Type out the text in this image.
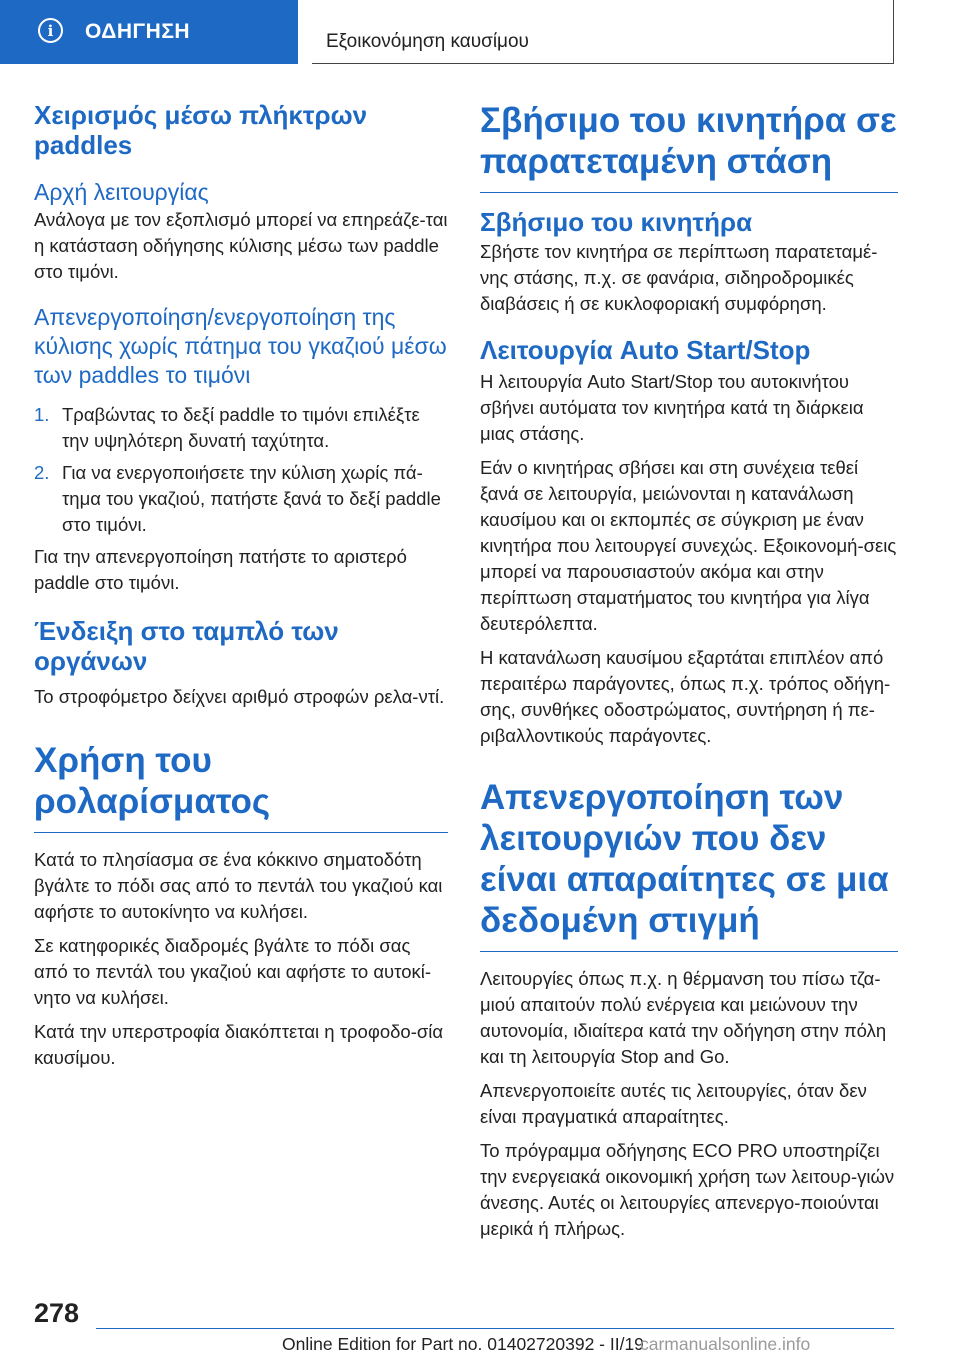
i	ΟΔΗΓΗΣΗ	Εξοικονόμηση καυσίμου
Χειρισμός μέσω πλήκτρων paddles
Αρχή λειτουργίας

Ανάλογα με τον εξοπλισμό μπορεί να επηρεάζε-ται η κατάσταση οδήγησης κύλισης μέσω των paddle στο τιμόνι.

Απενεργοποίηση/ενεργοποίηση της κύλισης χωρίς πάτημα του γκαζιού μέσω των paddles το τιμόνι
1. Τραβώντας το δεξί paddle το τιμόνι επιλέξτε την υψηλότερη δυνατή ταχύτητα.
2. Για να ενεργοποιήσετε την κύλιση χωρίς πά-τημα του γκαζιού, πατήστε ξανά το δεξί paddle στο τιμόνι.

Για την απενεργοποίηση πατήστε το αριστερό paddle στο τιμόνι.

Ένδειξη στο ταμπλό των οργάνων

Το στροφόμετρο δείχνει αριθμό στροφών ρελα-ντί.

Χρήση του ρολαρίσματος

Κατά το πλησίασμα σε ένα κόκκινο σηματοδότη βγάλτε το πόδι σας από το πεντάλ του γκαζιού και αφήστε το αυτοκίνητο να κυλήσει.

Σε κατηφορικές διαδρομές βγάλτε το πόδι σας από το πεντάλ του γκαζιού και αφήστε το αυτοκί-νητο να κυλήσει.

Κατά την υπερστροφία διακόπτεται η τροφοδο-σία καυσίμου.

Σβήσιμο του κινητήρα σε παρατεταμένη στάση
Σβήσιμο του κινητήρα

Σβήστε τον κινητήρα σε περίπτωση παρατεταμέ-νης στάσης, π.χ. σε φανάρια, σιδηροδρομικές διαβάσεις ή σε κυκλοφοριακή συμφόρηση.

Λειτουργία Auto Start/Stop

Η λειτουργία Auto Start/Stop του αυτοκινήτου σβήνει αυτόματα τον κινητήρα κατά τη διάρκεια μιας στάσης.

Εάν ο κινητήρας σβήσει και στη συνέχεια τεθεί ξανά σε λειτουργία, μειώνονται η κατανάλωση καυσίμου και οι εκπομπές σε σύγκριση με έναν κινητήρα που λειτουργεί συνεχώς. Εξοικονομή-σεις μπορεί να παρουσιαστούν ακόμα και στην περίπτωση σταματήματος του κινητήρα για λίγα δευτερόλεπτα.

Η κατανάλωση καυσίμου εξαρτάται επιπλέον από περαιτέρω παράγοντες, όπως π.χ. τρόπος οδήγη-σης, συνθήκες οδοστρώματος, συντήρηση ή πε-ριβαλλοντικούς παράγοντες.

Απενεργοποίηση των λειτουργιών που δεν είναι απαραίτητες σε μια δεδομένη στιγμή

Λειτουργίες όπως π.χ. η θέρμανση του πίσω τζα-μιού απαιτούν πολύ ενέργεια και μειώνουν την αυτονομία, ιδιαίτερα κατά την οδήγηση στην πόλη και τη λειτουργία Stop and Go.

Απενεργοποιείτε αυτές τις λειτουργίες, όταν δεν είναι πραγματικά απαραίτητες.

Το πρόγραμμα οδήγησης ECO PRO υποστηρίζει την ενεργειακά οικονομική χρήση των λειτουρ-γιών άνεσης. Αυτές οι λειτουργίες απενεργο-ποιούνται μερικά ή πλήρως.

278
Online Edition for Part no. 01402720392 - II/19
carmanualsonline.info
